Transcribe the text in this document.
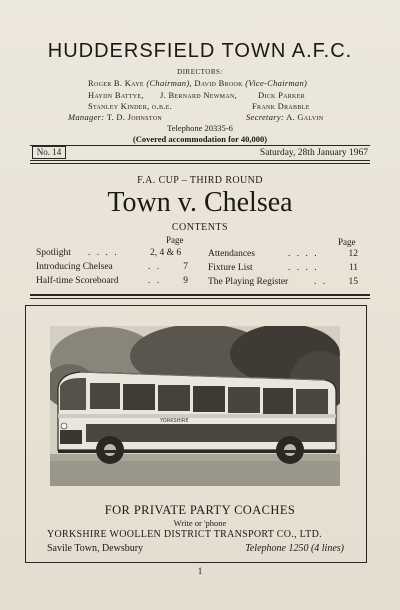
HUDDERSFIELD TOWN A.F.C.
DIRECTORS:
Roger B. Kaye (Chairman), David Brook (Vice-Chairman)
Haydn Battye, J. Bernard Newman, Dick Parker
Stanley Kinder, o.b.e.	Frank Drabble
Manager: T. D. Johnston	Secretary: A. Galvin
Telephone 20335-6
(Covered accommodation for 40,000)
No. 14	Saturday, 28th January 1967
F.A. CUP – THIRD ROUND
Town v. Chelsea
CONTENTS
Page	Page
Spotlight . . . .	2, 4 & 6
Introducing Chelsea	. .	7
Half-time Scoreboard	. .	9
Attendances	. . . .	12
Fixture List	. . . .	11
The Playing Register	. .	15
YORKSHIRE
FOR PRIVATE PARTY COACHES
Write or 'phone
YORKSHIRE WOOLLEN DISTRICT TRANSPORT CO., LTD.
Savile Town, Dewsbury	Telephone 1250 (4 lines)
1
